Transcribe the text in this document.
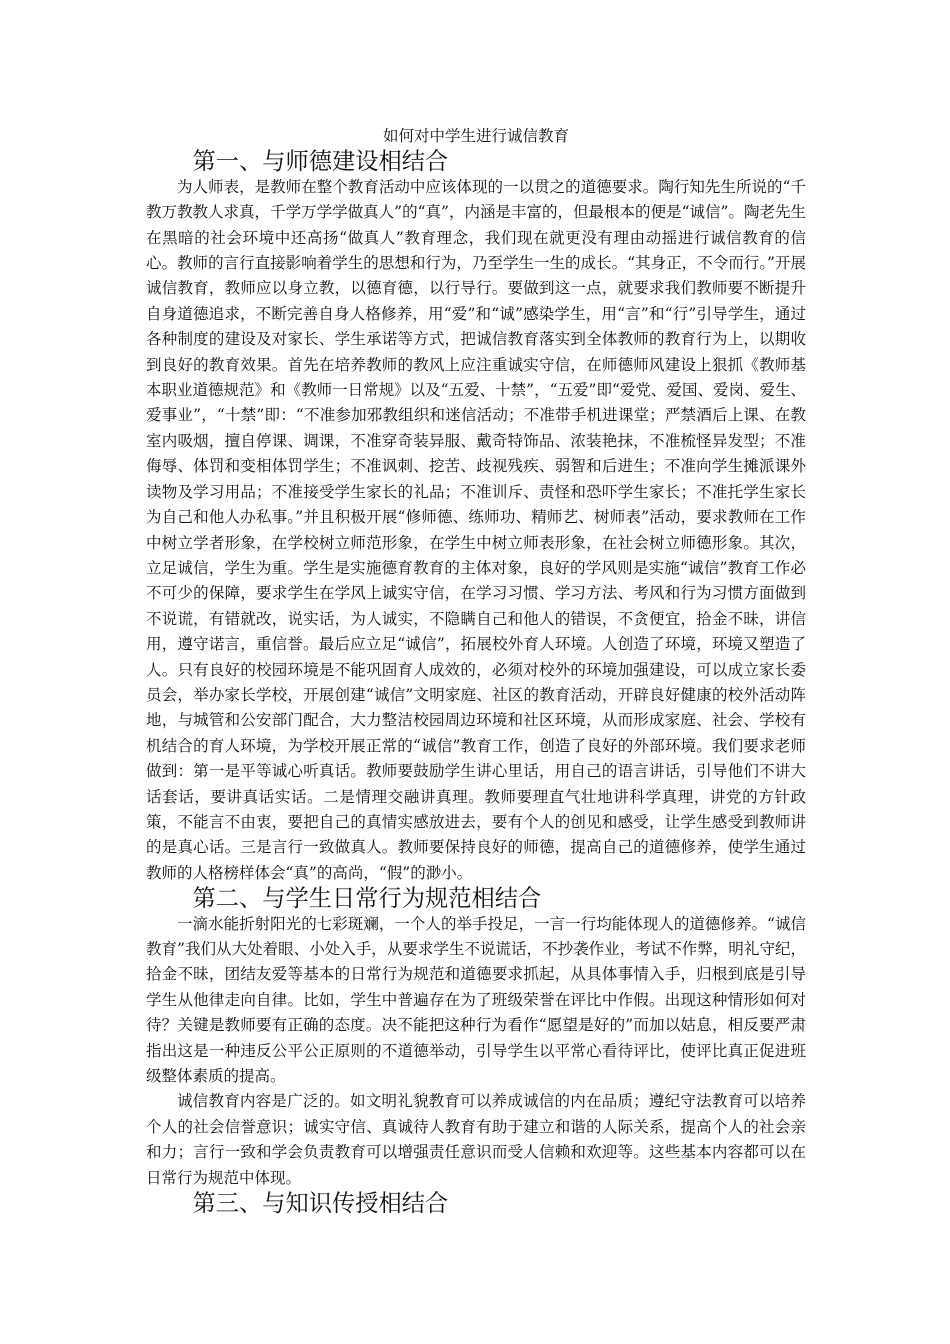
如何对中学生进行诚信教育
第一、与师德建设相结合

为人师表，是教师在整个教育活动中应该体现的一以贯之的道德要求。陶行知先生所说的“千教万教教人求真，千学万学学做真人”的“真”，内涵是丰富的，但最根本的便是“诚信”。陶老先生在黑暗的社会环境中还高扬“做真人”教育理念，我们现在就更没有理由动摇进行诚信教育的信心。教师的言行直接影响着学生的思想和行为，乃至学生一生的成长。“其身正，不令而行。”开展诚信教育，教师应以身立教，以德育德，以行导行。要做到这一点，就要求我们教师要不断提升自身道德追求，不断完善自身人格修养，用“爱”和“诚”感染学生，用“言”和“行”引导学生，通过各种制度的建设及对家长、学生承诺等方式，把诚信教育落实到全体教师的教育行为上，以期收到良好的教育效果。首先在培养教师的教风上应注重诚实守信，在师德师风建设上狠抓《教师基本职业道德规范》和《教师一日常规》以及“五爱、十禁”，“五爱”即“爱党、爱国、爱岗、爱生、爱事业”，“十禁”即：“不准参加邪教组织和迷信活动；不准带手机进课堂；严禁酒后上课、在教室内吸烟，擅自停课、调课，不准穿奇装异服、戴奇特饰品、浓装艳抹，不准梳怪异发型；不准侮辱、体罚和变相体罚学生；不准讽刺、挖苦、歧视残疾、弱智和后进生；不准向学生摊派课外读物及学习用品；不准接受学生家长的礼品；不准训斥、责怪和恐吓学生家长；不准托学生家长为自己和他人办私事。”并且积极开展“修师德、练师功、精师艺、树师表”活动，要求教师在工作中树立学者形象，在学校树立师范形象，在学生中树立师表形象，在社会树立师德形象。其次，立足诚信，学生为重。学生是实施德育教育的主体对象，良好的学风则是实施“诚信”教育工作必不可少的保障，要求学生在学风上诚实守信，在学习习惯、学习方法、考风和行为习惯方面做到不说谎，有错就改，说实话，为人诚实，不隐瞒自己和他人的错误，不贪便宜，拾金不昧，讲信用，遵守诺言，重信誉。最后应立足“诚信”，拓展校外育人环境。人创造了环境，环境又塑造了人。只有良好的校园环境是不能巩固育人成效的，必须对校外的环境加强建设，可以成立家长委员会，举办家长学校，开展创建“诚信”文明家庭、社区的教育活动，开辟良好健康的校外活动阵地，与城管和公安部门配合，大力整洁校园周边环境和社区环境，从而形成家庭、社会、学校有机结合的育人环境，为学校开展正常的“诚信”教育工作，创造了良好的外部环境。我们要求老师做到：第一是平等诚心听真话。教师要鼓励学生讲心里话，用自己的语言讲话，引导他们不讲大话套话，要讲真话实话。二是情理交融讲真理。教师要理直气壮地讲科学真理，讲党的方针政策，不能言不由衷，要把自己的真情实感放进去，要有个人的创见和感受，让学生感受到教师讲的是真心话。三是言行一致做真人。教师要保持良好的师德，提高自己的道德修养，使学生通过教师的人格榜样体会“真”的高尚，“假”的渺小。

第二、与学生日常行为规范相结合

一滴水能折射阳光的七彩斑斓，一个人的举手投足，一言一行均能体现人的道德修养。“诚信教育”我们从大处着眼、小处入手，从要求学生不说谎话，不抄袭作业，考试不作弊，明礼守纪，拾金不昧，团结友爱等基本的日常行为规范和道德要求抓起，从具体事情入手，归根到底是引导学生从他律走向自律。比如，学生中普遍存在为了班级荣誉在评比中作假。出现这种情形如何对待？关键是教师要有正确的态度。决不能把这种行为看作“愿望是好的”而加以姑息，相反要严肃指出这是一种违反公平公正原则的不道德举动，引导学生以平常心看待评比，使评比真正促进班级整体素质的提高。

诚信教育内容是广泛的。如文明礼貌教育可以养成诚信的内在品质；遵纪守法教育可以培养个人的社会信誉意识；诚实守信、真诚待人教育有助于建立和谐的人际关系，提高个人的社会亲和力；言行一致和学会负责教育可以增强责任意识而受人信赖和欢迎等。这些基本内容都可以在日常行为规范中体现。

第三、与知识传授相结合
